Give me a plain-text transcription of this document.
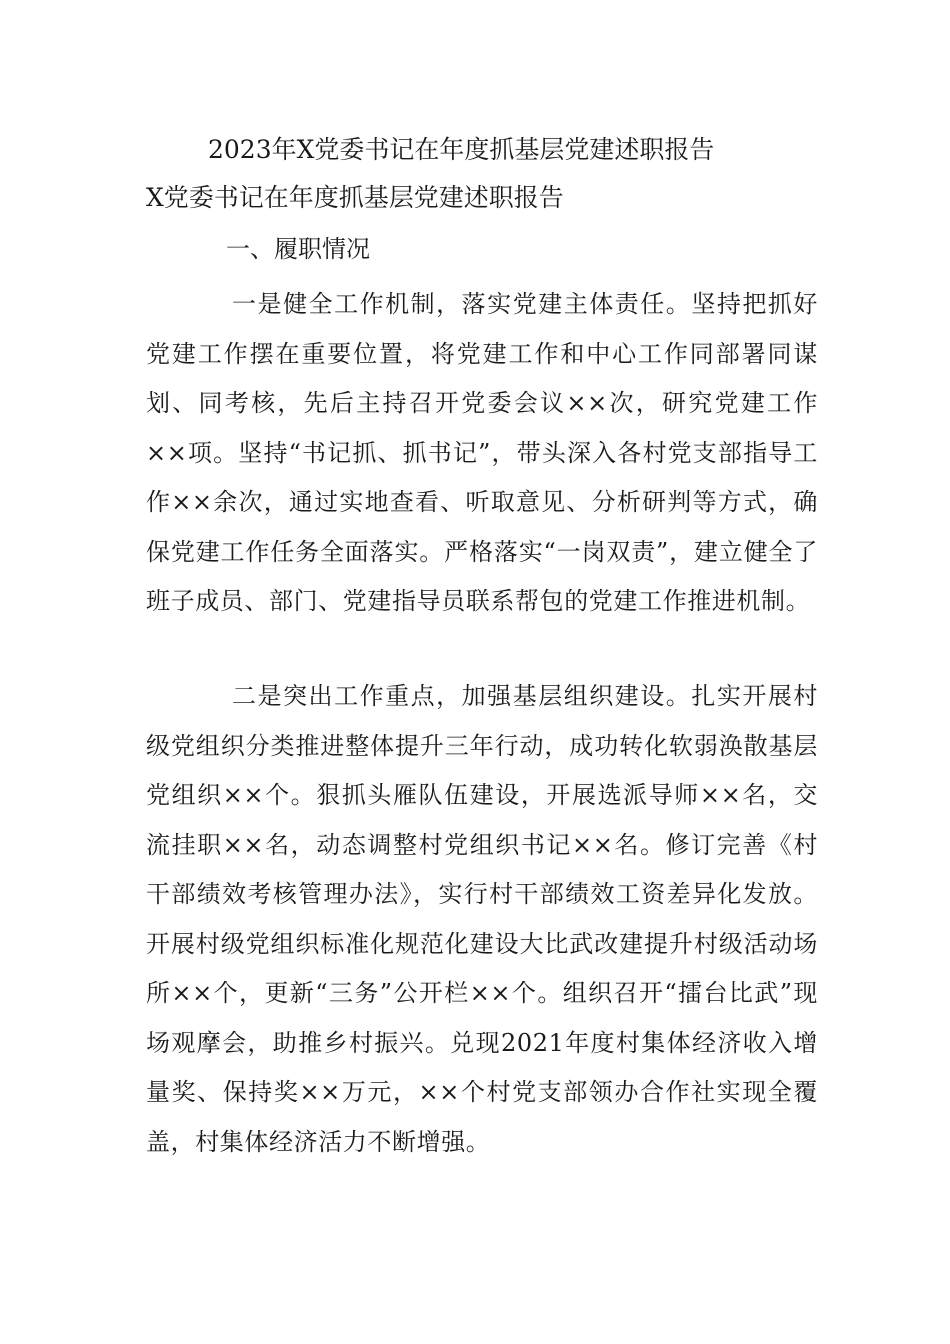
2023年X党委书记在年度抓基层党建述职报告
X党委书记在年度抓基层党建述职报告
一、履职情况

一是健全工作机制，落实党建主体责任。坚持把抓好党建工作摆在重要位置，将党建工作和中心工作同部署同谋划、同考核，先后主持召开党委会议××次，研究党建工作××项。坚持“书记抓、抓书记”，带头深入各村党支部指导工作××余次，通过实地查看、听取意见、分析研判等方式，确保党建工作任务全面落实。严格落实“一岗双责”，建立健全了班子成员、部门、党建指导员联系帮包的党建工作推进机制。

二是突出工作重点，加强基层组织建设。扎实开展村级党组织分类推进整体提升三年行动，成功转化软弱涣散基层党组织××个。狠抓头雁队伍建设，开展选派导师××名，交流挂职××名，动态调整村党组织书记××名。修订完善《村干部绩效考核管理办法》，实行村干部绩效工资差异化发放。开展村级党组织标准化规范化建设大比武改建提升村级活动场所××个，更新“三务”公开栏××个。组织召开“擂台比武”现场观摩会，助推乡村振兴。兑现2021年度村集体经济收入增量奖、保持奖××万元，××个村党支部领办合作社实现全覆盖，村集体经济活力不断增强。
